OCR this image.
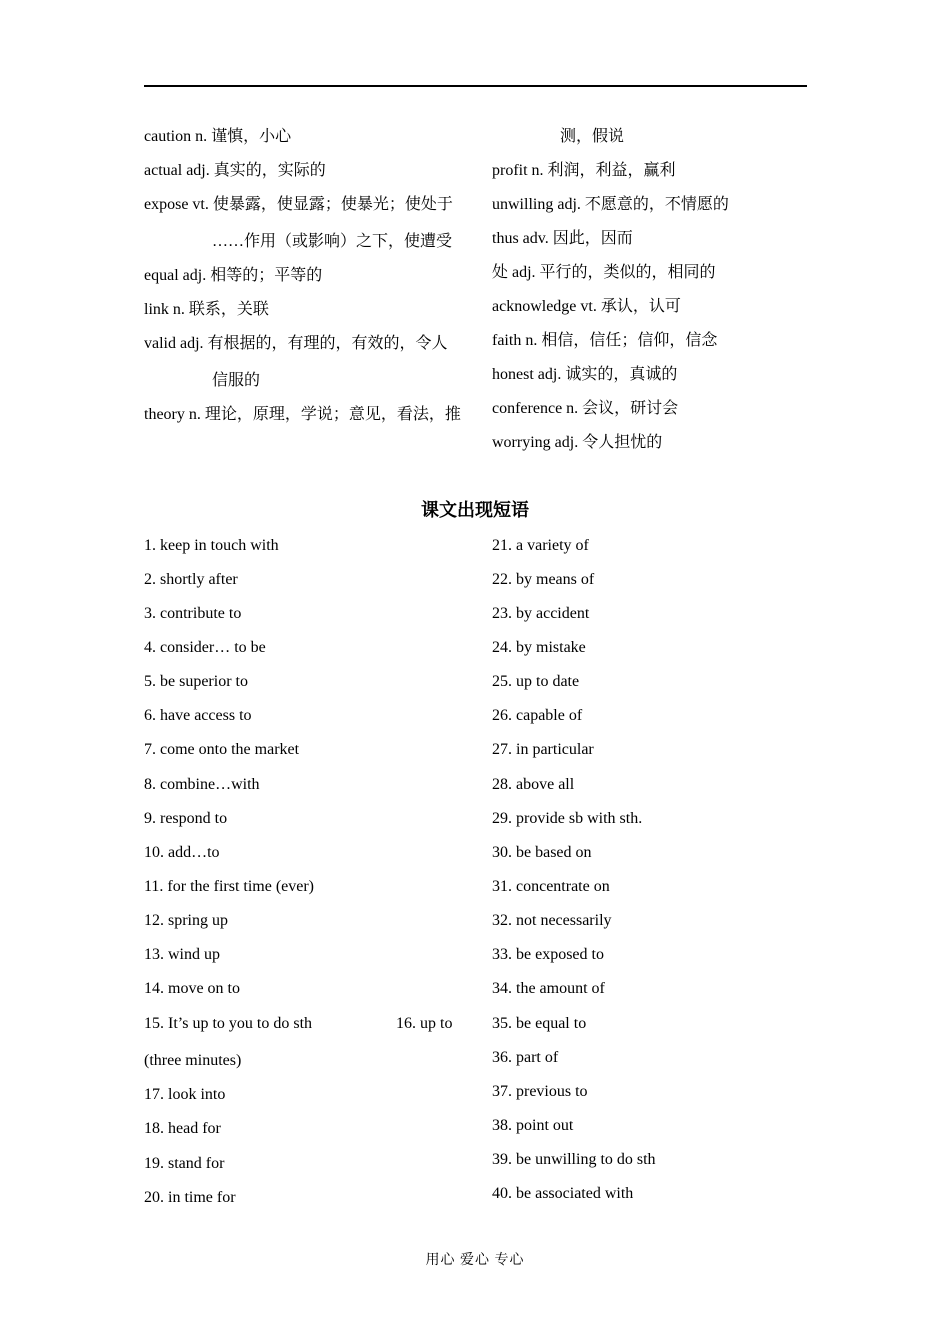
caution n. 谨慎，小心
actual adj. 真实的，实际的
expose vt. 使暴露，使显露；使暴光；使处于
……作用（或影响）之下，使遭受
equal adj. 相等的；平等的
link n. 联系，关联
valid adj. 有根据的，有理的，有效的，令人
信服的
theory n. 理论，原理，学说；意见，看法，推
测，假说
profit n. 利润，利益，赢利
unwilling adj. 不愿意的，不情愿的
thus adv. 因此，因而
处 adj. 平行的，类似的，相同的
acknowledge vt. 承认，认可
faith n. 相信，信任；信仰，信念
honest adj. 诚实的，真诚的
conference n. 会议，研讨会
worrying adj. 令人担忧的
课文出现短语
1. keep in touch with
2. shortly after
3. contribute to
4. consider… to be
5. be superior to
6. have access to
7. come onto the market
8. combine…with
9. respond to
10. add…to
11. for the first time (ever)
12. spring up
13. wind up
14. move on to
15. It’s up to you to do sth	16. up to
(three minutes)
17. look into
18. head for
19. stand for
20. in time for
21. a variety of
22. by means of
23. by accident
24. by mistake
25. up to date
26. capable of
27. in particular
28. above all
29. provide sb with sth.
30. be based on
31. concentrate on
32. not necessarily
33. be exposed to
34. the amount of
35. be equal to
36. part of
37. previous to
38. point out
39. be unwilling to do sth
40. be associated with
用心 爱心 专心
